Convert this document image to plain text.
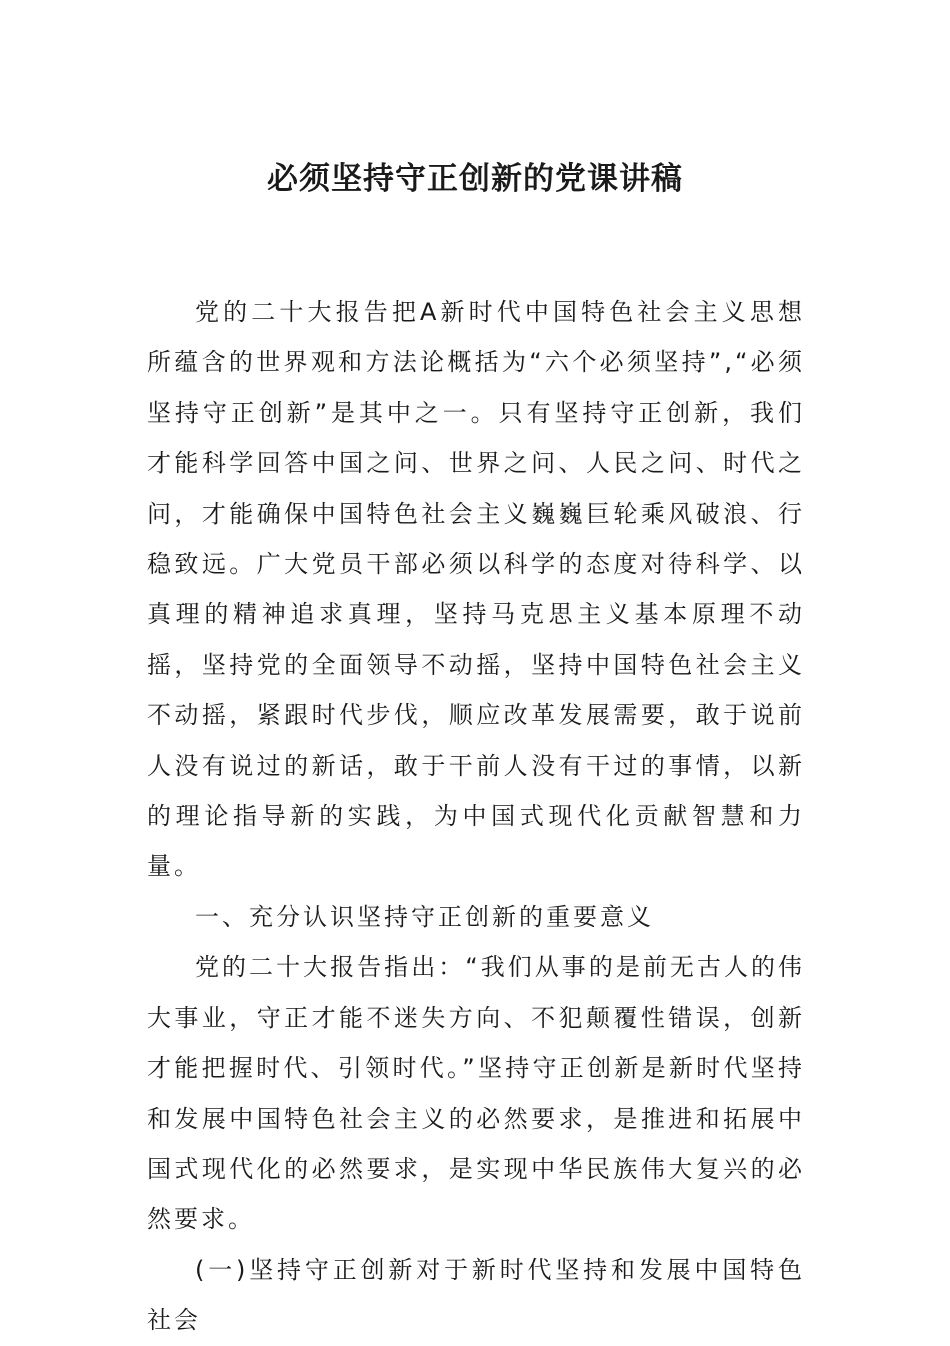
必须坚持守正创新的党课讲稿

党的二十大报告把A新时代中国特色社会主义思想所蕴含的世界观和方法论概括为“六个必须坚持”,“必须坚持守正创新”是其中之一。只有坚持守正创新，我们才能科学回答中国之问、世界之问、人民之问、时代之问，才能确保中国特色社会主义巍巍巨轮乘风破浪、行稳致远。广大党员干部必须以科学的态度对待科学、以真理的精神追求真理，坚持马克思主义基本原理不动摇，坚持党的全面领导不动摇，坚持中国特色社会主义不动摇，紧跟时代步伐，顺应改革发展需要，敢于说前人没有说过的新话，敢于干前人没有干过的事情，以新的理论指导新的实践，为中国式现代化贡献智慧和力量。

一、充分认识坚持守正创新的重要意义

党的二十大报告指出：“我们从事的是前无古人的伟大事业，守正才能不迷失方向、不犯颠覆性错误，创新才能把握时代、引领时代。”坚持守正创新是新时代坚持和发展中国特色社会主义的必然要求，是推进和拓展中国式现代化的必然要求，是实现中华民族伟大复兴的必然要求。

(一)坚持守正创新对于新时代坚持和发展中国特色社会
